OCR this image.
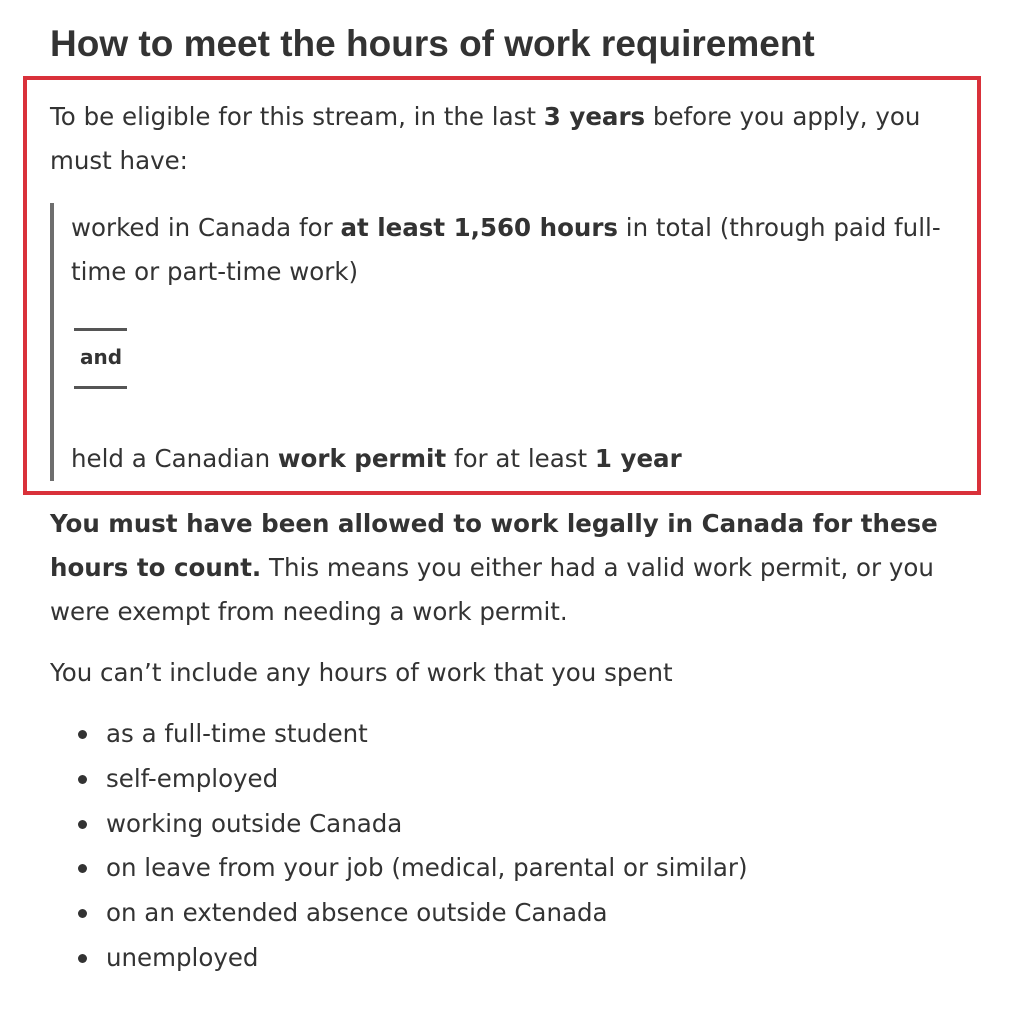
How to meet the hours of work requirement

To be eligible for this stream, in the last 3 years before you apply, you must have:

worked in Canada for at least 1,560 hours in total (through paid full-time or part-time work)

and

held a Canadian work permit for at least 1 year

You must have been allowed to work legally in Canada for these hours to count. This means you either had a valid work permit, or you were exempt from needing a work permit.

You can’t include any hours of work that you spent

as a full-time student
self-employed
working outside Canada
on leave from your job (medical, parental or similar)
on an extended absence outside Canada
unemployed
